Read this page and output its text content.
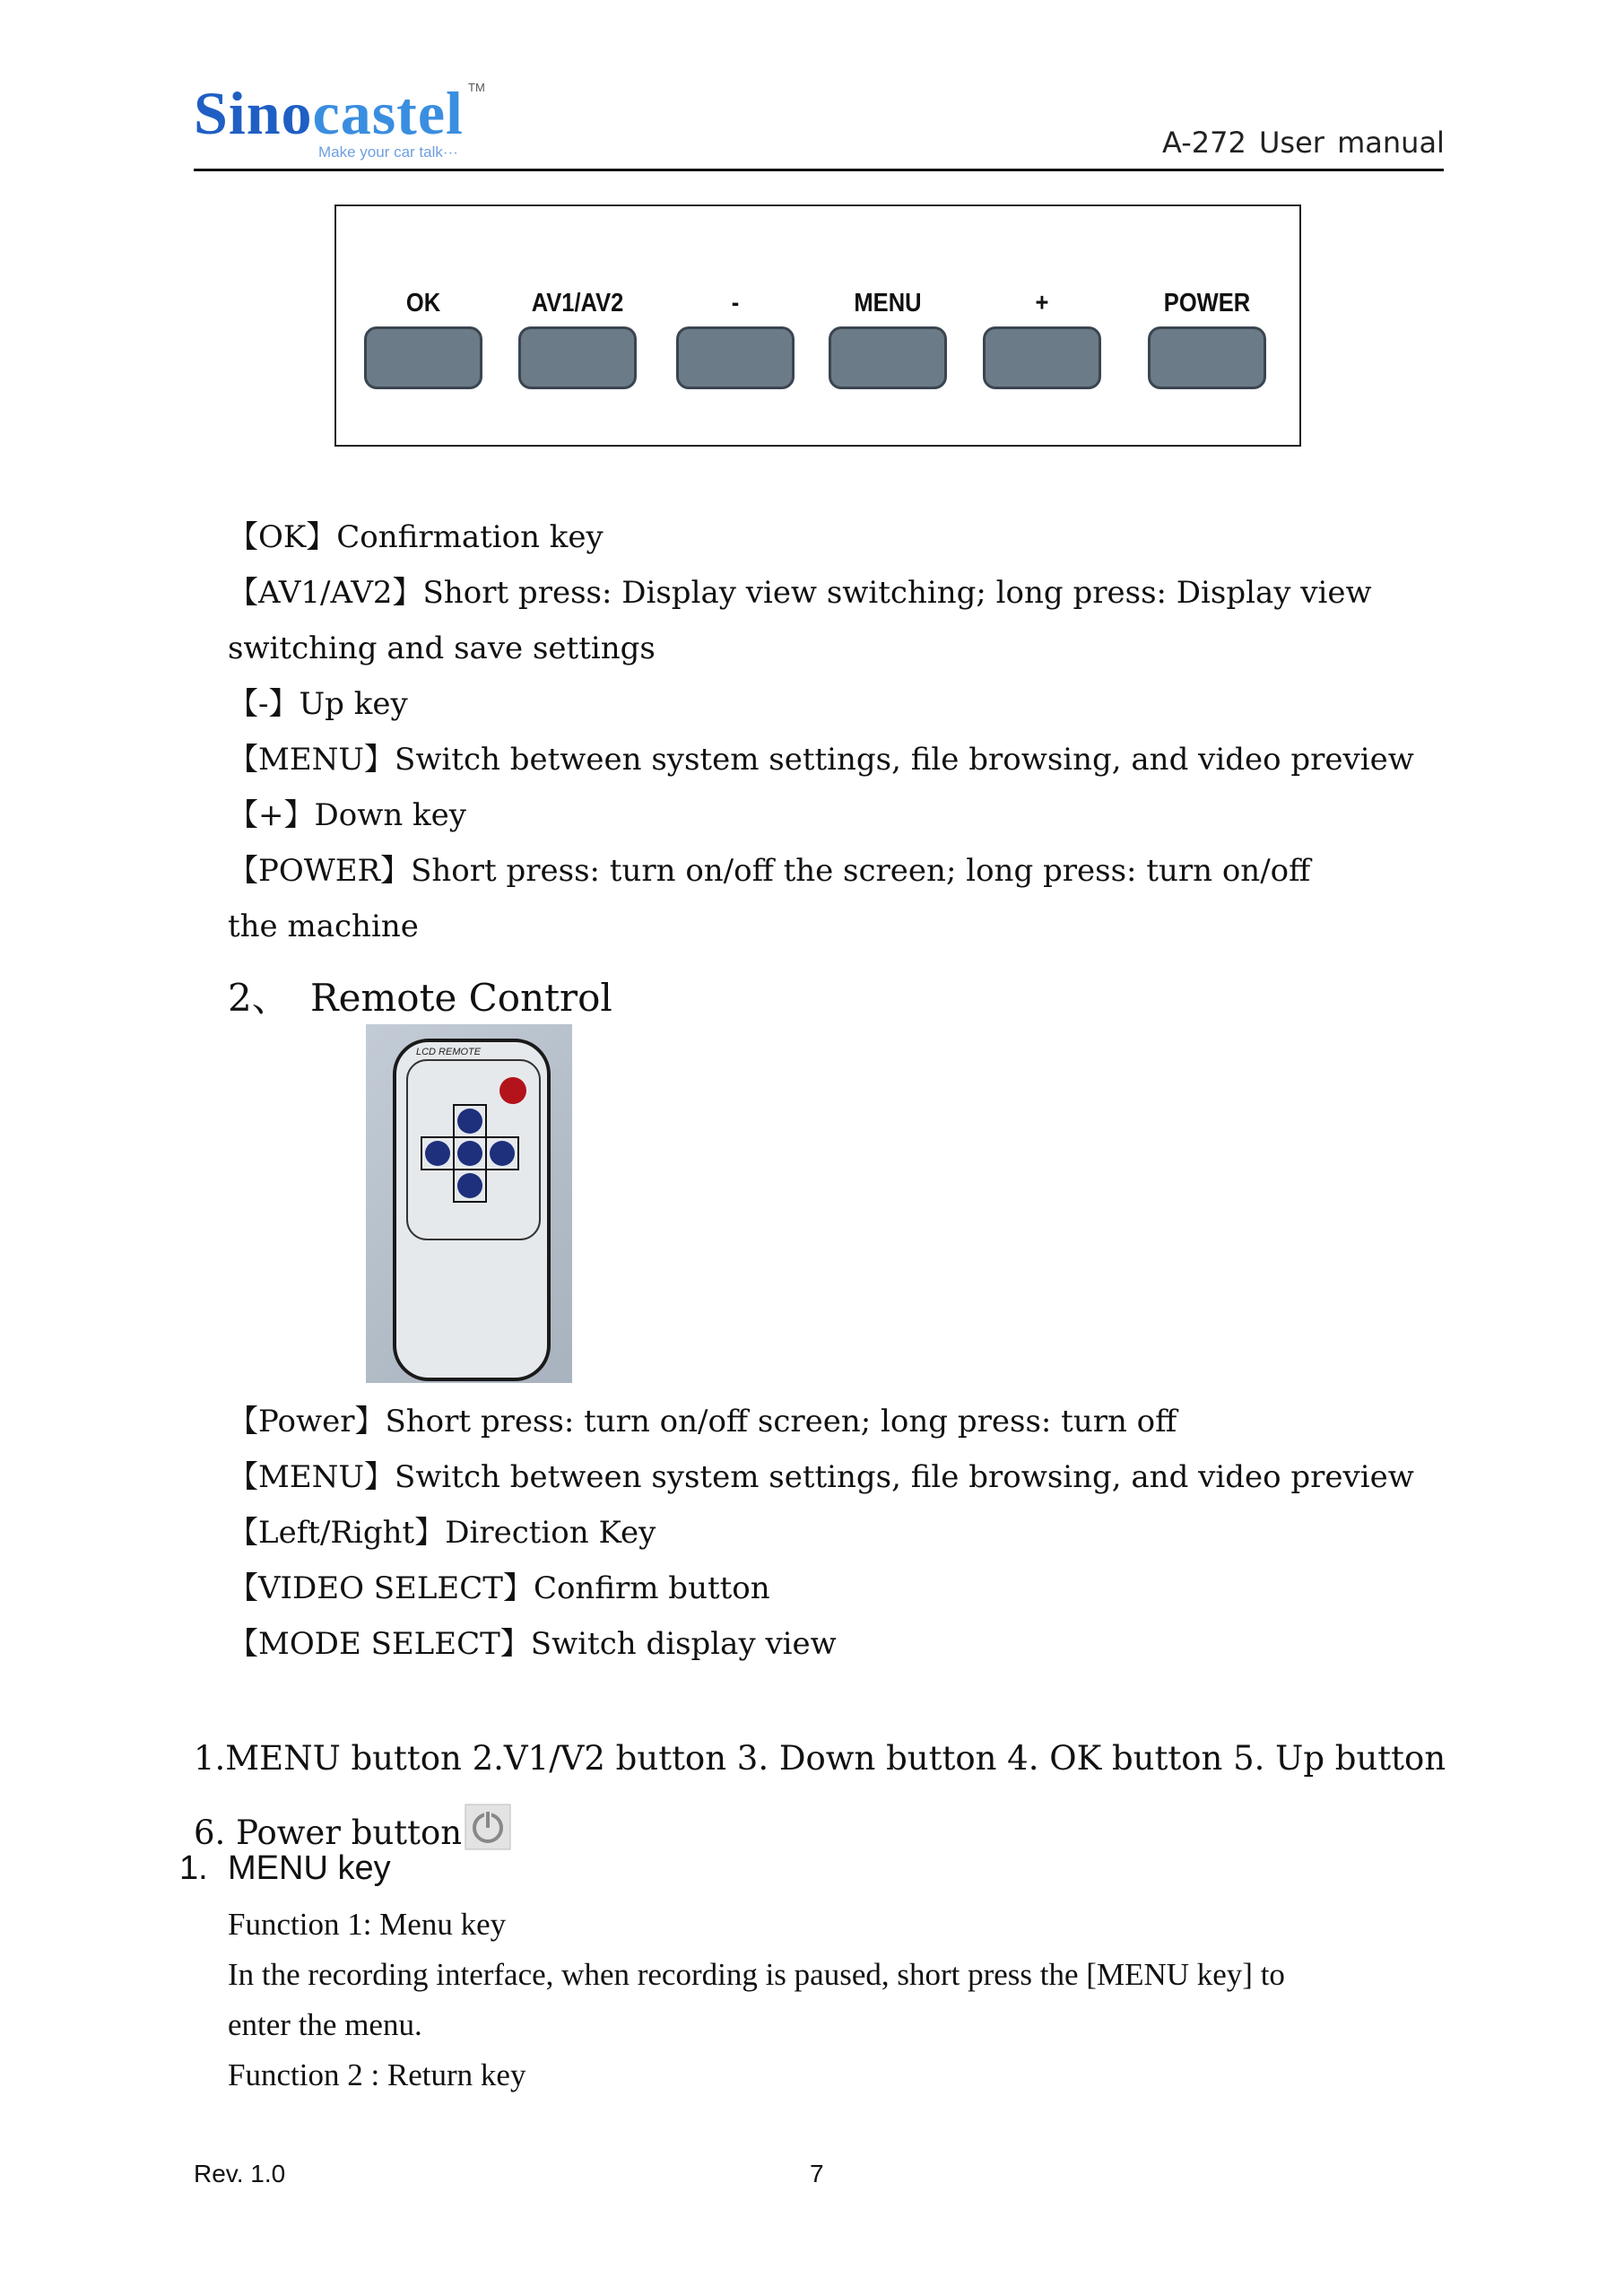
Sinocastel TM
Make your car talk···	A-272 User manual
OK	AV1/AV2	-	MENU	+	POWER
【OK】Confirmation key
【AV1/AV2】Short press: Display view switching; long press: Display view
switching and save settings
【-】Up key
【MENU】Switch between system settings, file browsing, and video preview
【+】Down key
【POWER】Short press: turn on/off the screen; long press: turn on/off
the machine
2、 Remote Control
LCD REMOTE
【Power】Short press: turn on/off screen; long press: turn off
【MENU】Switch between system settings, file browsing, and video preview
【Left/Right】Direction Key
【VIDEO SELECT】Confirm button
【MODE SELECT】Switch display view
1.MENU button 2.V1/V2 button 3. Down button 4. OK button 5. Up button
6. Power button
1. MENU key
Function 1: Menu key
In the recording interface, when recording is paused, short press the [MENU key] to
enter the menu.
Function 2 : Return key
Rev. 1.0	7
